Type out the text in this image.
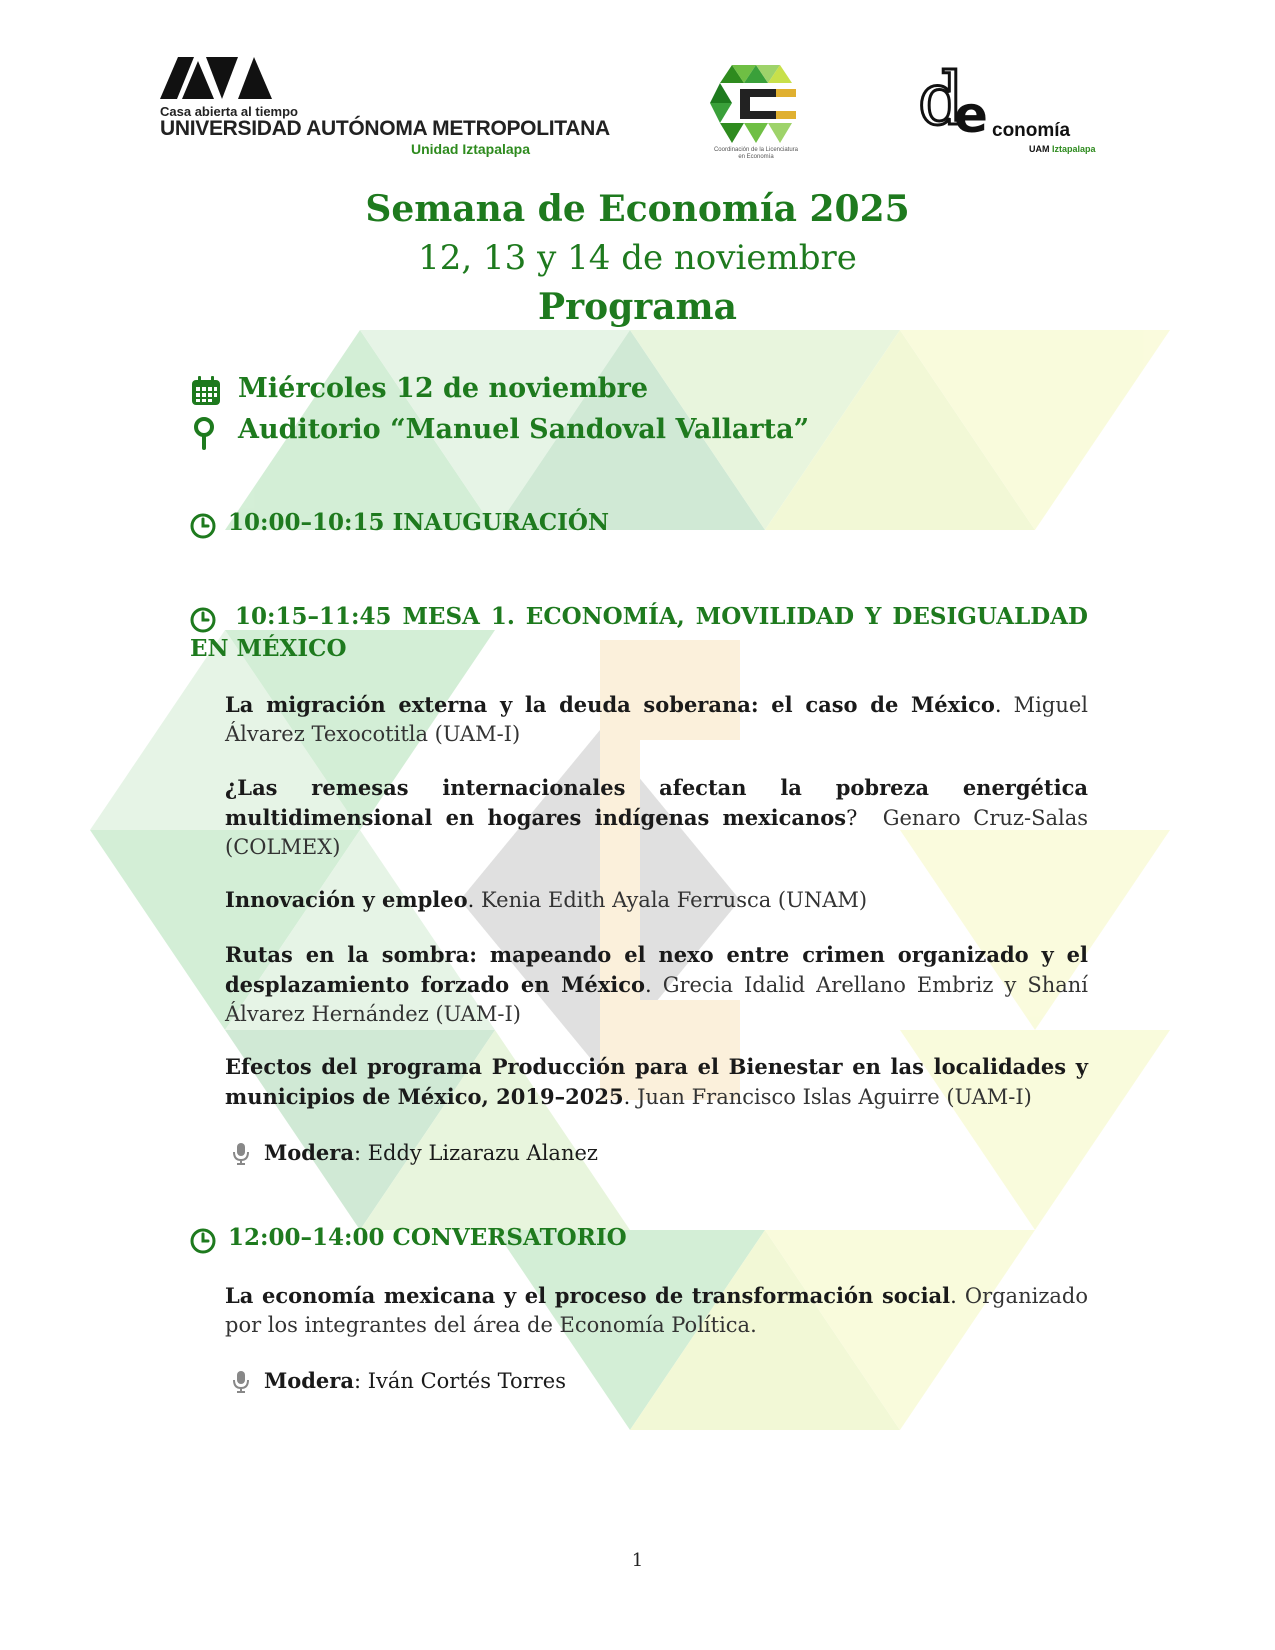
Casa abierta al tiempo
UNIVERSIDAD AUTÓNOMA METROPOLITANA
Unidad Iztapalapa	Coordinación de la Licenciatura en Economía
d
e conomía
UAM Iztapalapa
Semana de Economía 2025
12, 13 y 14 de noviembre
Programa
Miércoles 12 de noviembre
Auditorio “Manuel Sandoval Vallarta”
10:00–10:15 INAUGURACIÓN
10:15–11:45 MESA 1. ECONOMÍA, MOVILIDAD Y DESIGUALDAD EN MÉXICO
La migración externa y la deuda soberana: el caso de México. Miguel Álvarez Texocotitla (UAM-I)
¿Las remesas internacionales afectan la pobreza energética multidimensional en hogares indígenas mexicanos?  Genaro Cruz-Salas (COLMEX)
Innovación y empleo. Kenia Edith Ayala Ferrusca (UNAM)
Rutas en la sombra: mapeando el nexo entre crimen organizado y el desplazamiento forzado en México. Grecia Idalid Arellano Embriz y Shaní Álvarez Hernández (UAM-I)
Efectos del programa Producción para el Bienestar en las localidades y municipios de México, 2019–2025. Juan Francisco Islas Aguirre (UAM-I)
Modera: Eddy Lizarazu Alanez
12:00–14:00 CONVERSATORIO
La economía mexicana y el proceso de transformación social. Organizado por los integrantes del área de Economía Política.
Modera: Iván Cortés Torres
1
